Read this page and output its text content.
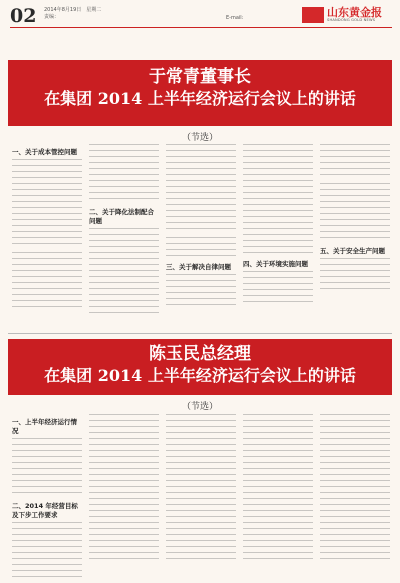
02 2014年8月19日　星期二
责编：	E-mail:	山东黄金报
SHANDONG GOLD NEWS
于常青董事长
在集团 2014 上半年经济运行会议上的讲话
（节选）
一、关于成本管控问题
二、关于降化法制配合问题
三、关于解决自律问题	四、关于环境实施问题
五、关于安全生产问题
陈玉民总经理
在集团 2014 上半年经济运行会议上的讲话
（节选）
一、上半年经济运行情况
二、2014 年经营目标及下步工作要求
